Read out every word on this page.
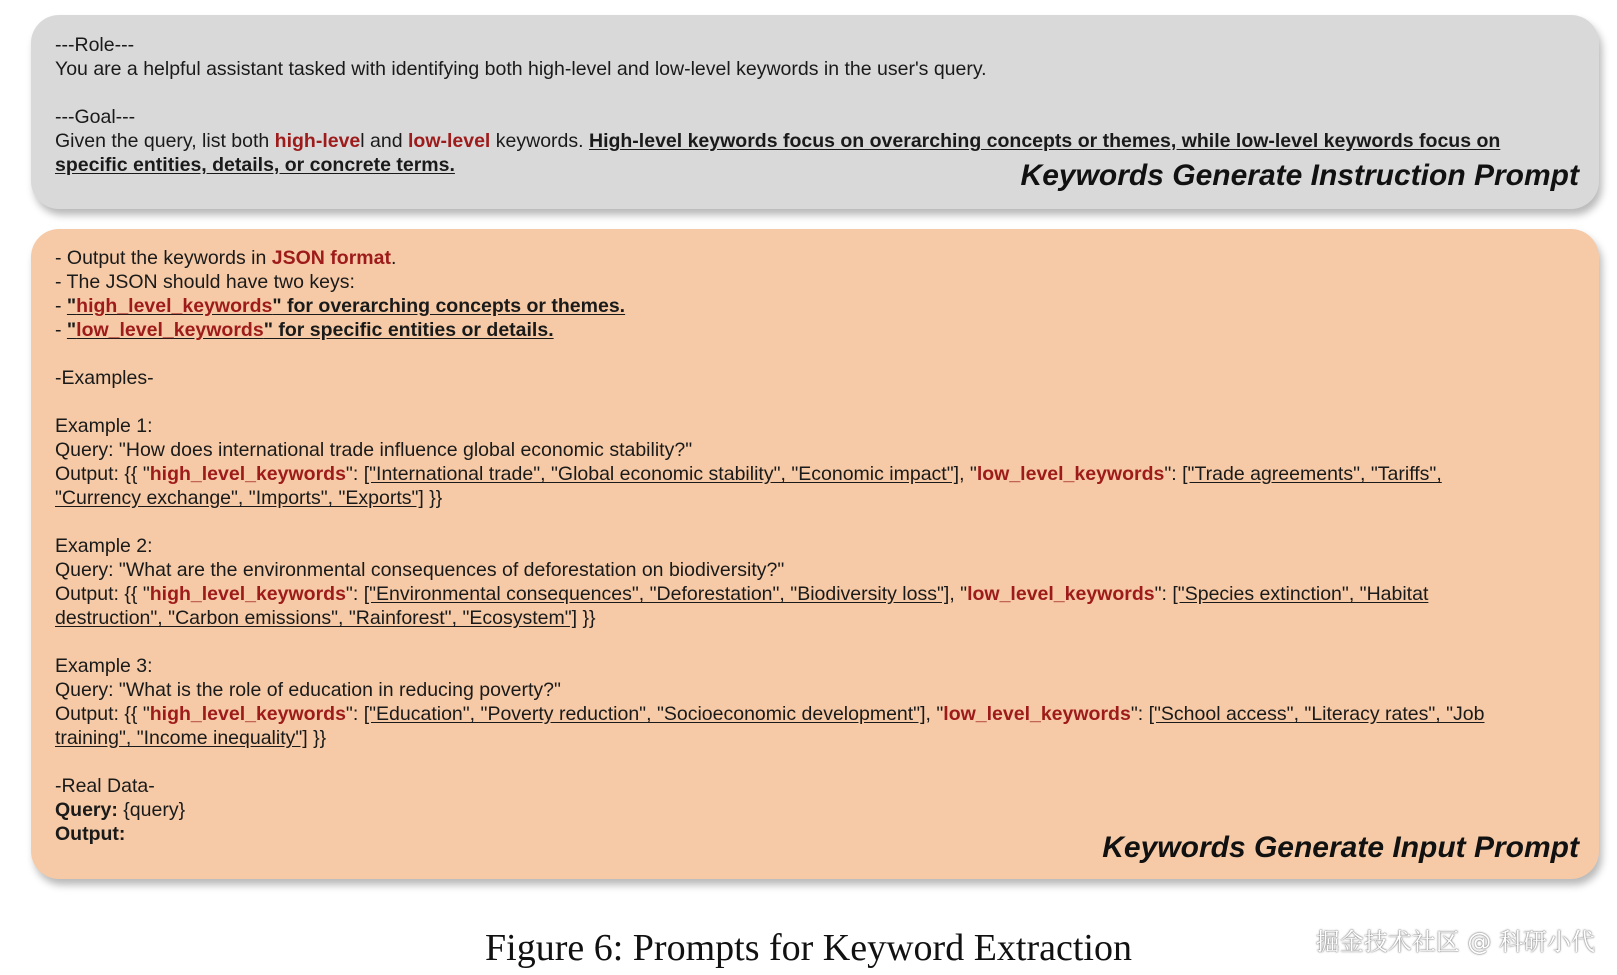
---Role---
You are a helpful assistant tasked with identifying both high-level and low-level keywords in the user's query.
---Goal---
Given the query, list both high-level and low-level keywords. High-level keywords focus on overarching concepts or themes, while low-level keywords focus on
specific entities, details, or concrete terms.	Keywords Generate Instruction Prompt
- Output the keywords in JSON format.
- The JSON should have two keys:
- "high_level_keywords" for overarching concepts or themes.
- "low_level_keywords" for specific entities or details.
-Examples-
Example 1:
Query: "How does international trade influence global economic stability?"
Output: {{ "high_level_keywords": ["International trade", "Global economic stability", "Economic impact"], "low_level_keywords": ["Trade agreements", "Tariffs",
"Currency exchange", "Imports", "Exports"] }}
Example 2:
Query: "What are the environmental consequences of deforestation on biodiversity?"
Output: {{ "high_level_keywords": ["Environmental consequences", "Deforestation", "Biodiversity loss"], "low_level_keywords": ["Species extinction", "Habitat
destruction", "Carbon emissions", "Rainforest", "Ecosystem"] }}
Example 3:
Query: "What is the role of education in reducing poverty?"
Output: {{ "high_level_keywords": ["Education", "Poverty reduction", "Socioeconomic development"], "low_level_keywords": ["School access", "Literacy rates", "Job
training", "Income inequality"] }}
-Real Data-
Query: {query}
Output:	Keywords Generate Input Prompt
Figure 6: Prompts for Keyword Extraction	掘金技术社区 @ 科研小代
